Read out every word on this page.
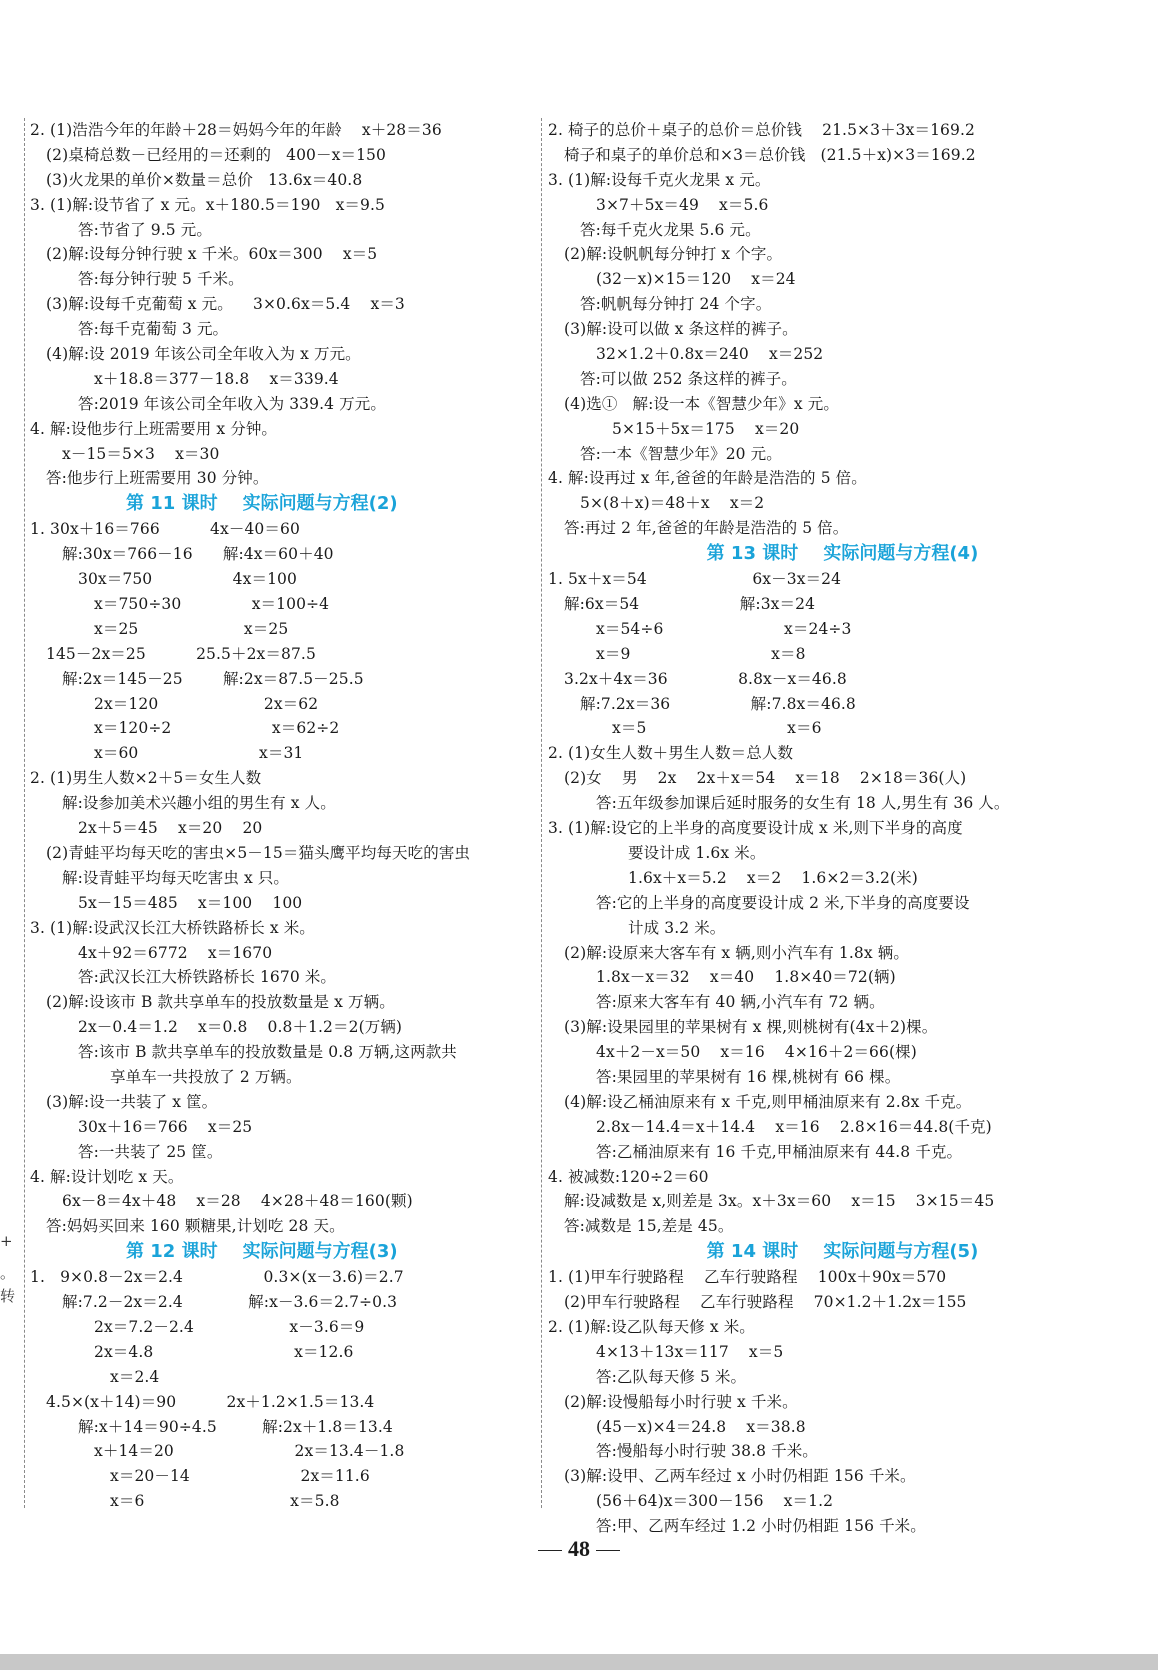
+
。
转
2. (1)浩浩今年的年龄＋28＝妈妈今年的年龄    x＋28＝36
(2)桌椅总数－已经用的＝还剩的   400－x＝150
(3)火龙果的单价×数量＝总价   13.6x＝40.8
3. (1)解:设节省了 x 元。x＋180.5＝190   x＝9.5
答:节省了 9.5 元。
(2)解:设每分钟行驶 x 千米。60x＝300    x＝5
答:每分钟行驶 5 千米。
(3)解:设每千克葡萄 x 元。    3×0.6x＝5.4    x＝3
答:每千克葡萄 3 元。
(4)解:设 2019 年该公司全年收入为 x 万元。
x＋18.8＝377－18.8    x＝339.4
答:2019 年该公司全年收入为 339.4 万元。
4. 解:设他步行上班需要用 x 分钟。
x－15＝5×3    x＝30
答:他步行上班需要用 30 分钟。
第 11 课时    实际问题与方程(2)
1. 30x＋16＝766          4x－40＝60
解:30x＝766－16      解:4x＝60＋40
30x＝750                4x＝100
x＝750÷30              x＝100÷4
x＝25                     x＝25
145－2x＝25          25.5＋2x＝87.5
解:2x＝145－25        解:2x＝87.5－25.5
2x＝120                     2x＝62
x＝120÷2                    x＝62÷2
x＝60                        x＝31
2. (1)男生人数×2＋5＝女生人数
解:设参加美术兴趣小组的男生有 x 人。
2x＋5＝45    x＝20    20
(2)青蛙平均每天吃的害虫×5－15＝猫头鹰平均每天吃的害虫
解:设青蛙平均每天吃害虫 x 只。
5x－15＝485    x＝100    100
3. (1)解:设武汉长江大桥铁路桥长 x 米。
4x＋92＝6772    x＝1670
答:武汉长江大桥铁路桥长 1670 米。
(2)解:设该市 B 款共享单车的投放数量是 x 万辆。
2x－0.4＝1.2    x＝0.8    0.8＋1.2＝2(万辆)
答:该市 B 款共享单车的投放数量是 0.8 万辆,这两款共
享单车一共投放了 2 万辆。
(3)解:设一共装了 x 筐。
30x＋16＝766    x＝25
答:一共装了 25 筐。
4. 解:设计划吃 x 天。
6x－8＝4x＋48    x＝28    4×28＋48＝160(颗)
答:妈妈买回来 160 颗糖果,计划吃 28 天。
第 12 课时    实际问题与方程(3)
1.   9×0.8－2x＝2.4                0.3×(x－3.6)＝2.7
解:7.2－2x＝2.4             解:x－3.6＝2.7÷0.3
2x＝7.2－2.4                   x－3.6＝9
2x＝4.8                            x＝12.6
x＝2.4
4.5×(x＋14)＝90          2x＋1.2×1.5＝13.4
解:x＋14＝90÷4.5         解:2x＋1.8＝13.4
x＋14＝20                        2x＝13.4－1.8
x＝20－14                      2x＝11.6
x＝6                             x＝5.8
2. 椅子的总价＋桌子的总价＝总价钱    21.5×3＋3x＝169.2
椅子和桌子的单价总和×3＝总价钱   (21.5＋x)×3＝169.2
3. (1)解:设每千克火龙果 x 元。
3×7＋5x＝49    x＝5.6
答:每千克火龙果 5.6 元。
(2)解:设帆帆每分钟打 x 个字。
(32－x)×15＝120    x＝24
答:帆帆每分钟打 24 个字。
(3)解:设可以做 x 条这样的裤子。
32×1.2＋0.8x＝240    x＝252
答:可以做 252 条这样的裤子。
(4)选①   解:设一本《智慧少年》x 元。
5×15＋5x＝175    x＝20
答:一本《智慧少年》20 元。
4. 解:设再过 x 年,爸爸的年龄是浩浩的 5 倍。
5×(8＋x)＝48＋x    x＝2
答:再过 2 年,爸爸的年龄是浩浩的 5 倍。
第 13 课时    实际问题与方程(4)
1. 5x＋x＝54                     6x－3x＝24
解:6x＝54                    解:3x＝24
x＝54÷6                        x＝24÷3
x＝9                            x＝8
3.2x＋4x＝36              8.8x－x＝46.8
解:7.2x＝36                解:7.8x＝46.8
x＝5                            x＝6
2. (1)女生人数＋男生人数＝总人数
(2)女    男    2x    2x＋x＝54    x＝18    2×18＝36(人)
答:五年级参加课后延时服务的女生有 18 人,男生有 36 人。
3. (1)解:设它的上半身的高度要设计成 x 米,则下半身的高度
要设计成 1.6x 米。
1.6x＋x＝5.2    x＝2    1.6×2＝3.2(米)
答:它的上半身的高度要设计成 2 米,下半身的高度要设
计成 3.2 米。
(2)解:设原来大客车有 x 辆,则小汽车有 1.8x 辆。
1.8x－x＝32    x＝40    1.8×40＝72(辆)
答:原来大客车有 40 辆,小汽车有 72 辆。
(3)解:设果园里的苹果树有 x 棵,则桃树有(4x＋2)棵。
4x＋2－x＝50    x＝16    4×16＋2＝66(棵)
答:果园里的苹果树有 16 棵,桃树有 66 棵。
(4)解:设乙桶油原来有 x 千克,则甲桶油原来有 2.8x 千克。
2.8x－14.4＝x＋14.4    x＝16    2.8×16＝44.8(千克)
答:乙桶油原来有 16 千克,甲桶油原来有 44.8 千克。
4. 被减数:120÷2＝60
解:设减数是 x,则差是 3x。x＋3x＝60    x＝15    3×15＝45
答:减数是 15,差是 45。
第 14 课时    实际问题与方程(5)
1. (1)甲车行驶路程    乙车行驶路程    100x＋90x＝570
(2)甲车行驶路程    乙车行驶路程    70×1.2＋1.2x＝155
2. (1)解:设乙队每天修 x 米。
4×13＋13x＝117    x＝5
答:乙队每天修 5 米。
(2)解:设慢船每小时行驶 x 千米。
(45－x)×4＝24.8    x＝38.8
答:慢船每小时行驶 38.8 千米。
(3)解:设甲、乙两车经过 x 小时仍相距 156 千米。
(56＋64)x＝300－156    x＝1.2
答:甲、乙两车经过 1.2 小时仍相距 156 千米。
48
